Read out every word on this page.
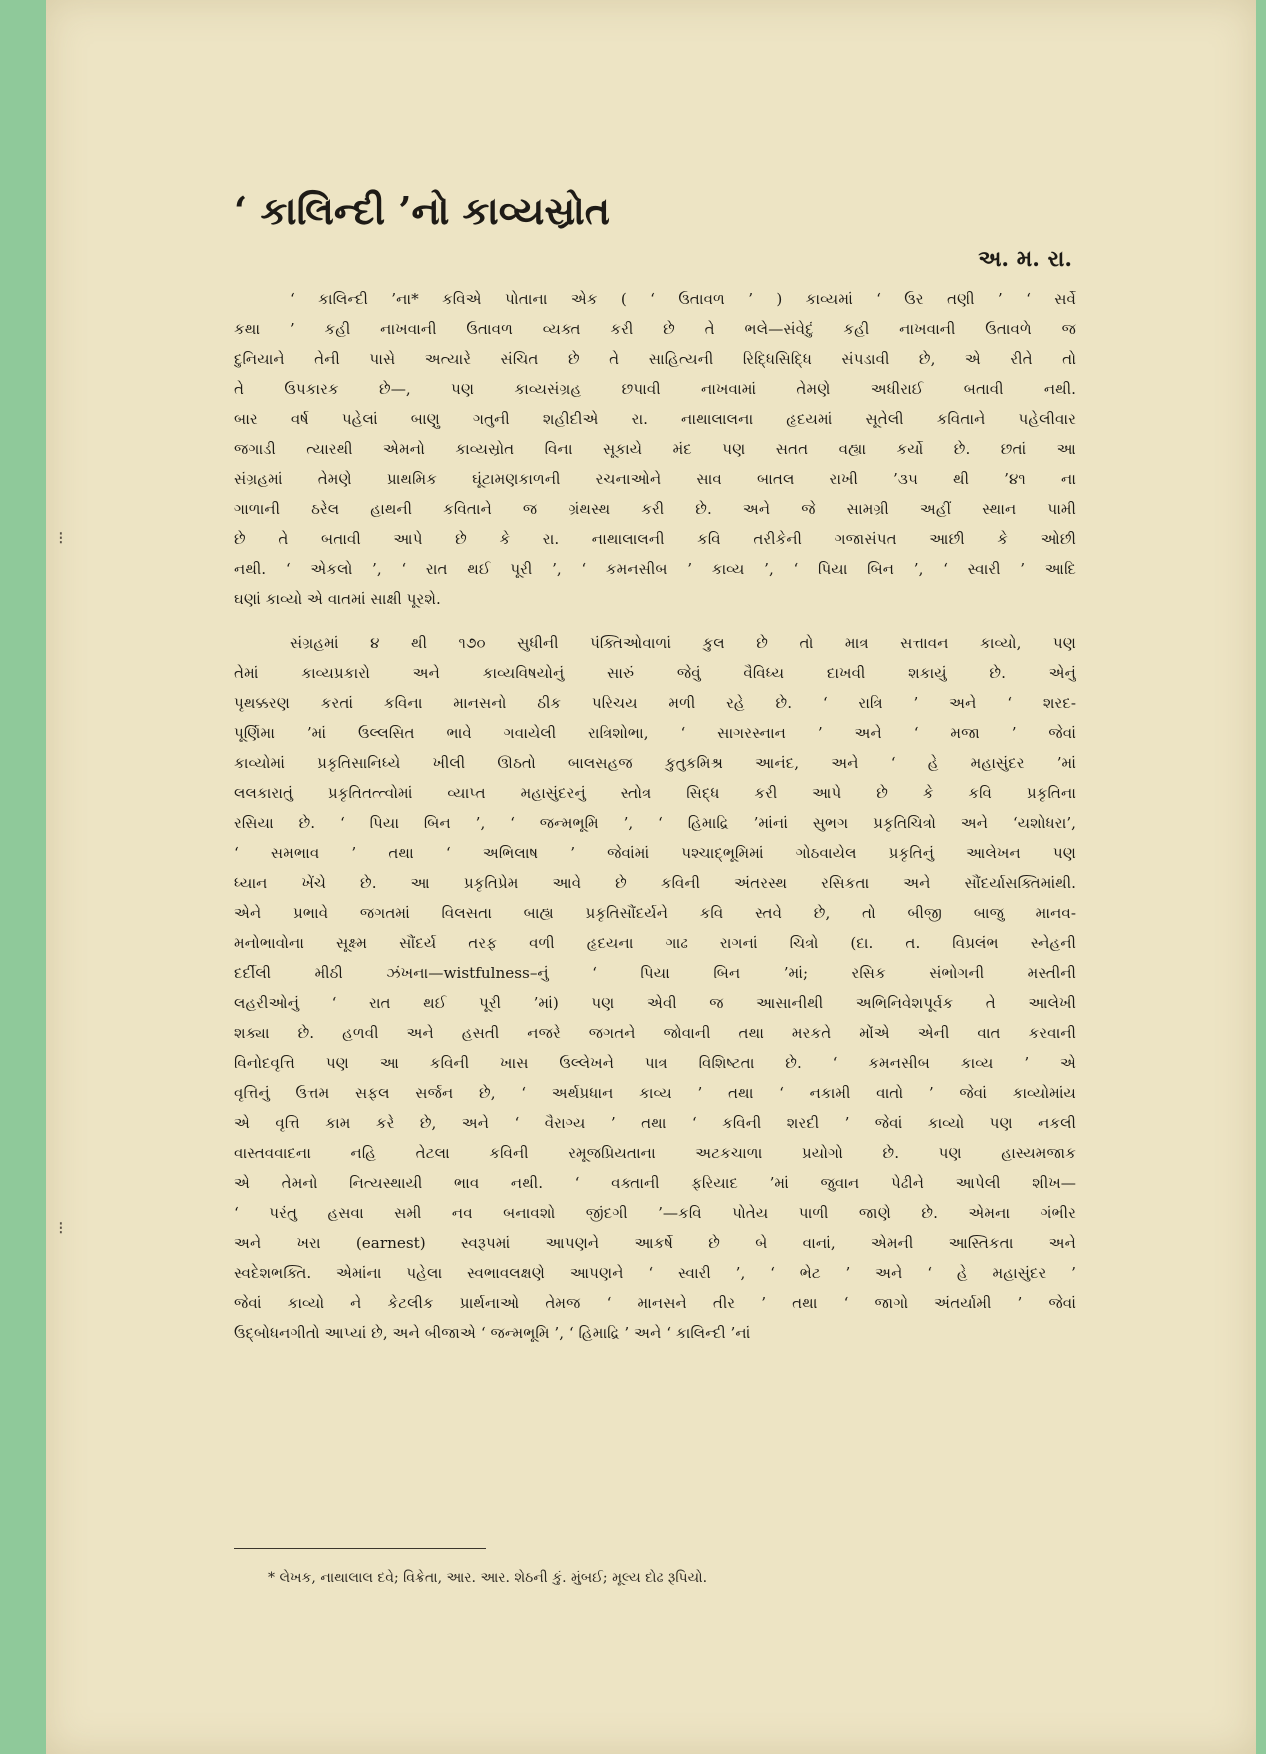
‘ કાલિન્દી ’નો કાવ્યસ્રોત
અ. મ. રા.
‘ કાલિન્દી ’ના* કવિએ પોતાના એક ( ‘ ઉતાવળ ’ ) કાવ્યમાં ‘ ઉર તણી ’ ‘ સર્વે
કથા ’ કહી નાખવાની ઉતાવળ વ્યક્ત કરી છે તે ભલે—સંવેદું કહી નાખવાની ઉતાવળે જ
દુનિયાને તેની પાસે અત્યારે સંચિત છે તે સાહિત્યની રિદ્ધિસિદ્ધિ સંપડાવી છે, એ રીતે તો
તે ઉપકારક છે—, પણ કાવ્યસંગ્રહ છપાવી નાખવામાં તેમણે અધીરાઈ બતાવી નથી.
બાર વર્ષ પહેલાં બાણુ ગતુની શહીદીએ રા. નાથાલાલના હૃદયમાં સૂતેલી કવિતાને પહેલીવાર
જગાડી ત્યારથી એમનો કાવ્યસ્રોત વિના સૂકાયે મંદ પણ સતત વહ્યા કર્યો છે. છતાં આ
સંગ્રહમાં તેમણે પ્રાથમિક ઘૂંટામણકાળની રચનાઓને સાવ બાતલ રાખી ’૩૫ થી ’૪૧ ના
ગાળાની ઠરેલ હાથની કવિતાને જ ગ્રંથસ્થ કરી છે. અને જે સામગ્રી અહીં સ્થાન પામી
છે તે બતાવી આપે છે કે રા. નાથાલાલની કવિ તરીકેની ગજાસંપત આછી કે ઓછી
નથી. ‘ એકલો ’, ‘ રાત થઈ પૂરી ’, ‘ કમનસીબ ’ કાવ્ય ’, ‘ પિયા બિન ’, ‘ સ્વારી ’ આદિ
ઘણાં કાવ્યો એ વાતમાં સાક્ષી પૂરશે.
સંગ્રહમાં ૪ થી ૧૭૦ સુધીની પંક્તિઓવાળાં કુલ છે તો માત્ર સત્તાવન કાવ્યો, પણ
તેમાં કાવ્યપ્રકારો અને કાવ્યવિષયોનું સારું જેવું વૈવિધ્ય દાખવી શકાયું છે. એનું
પૃથક્કરણ કરતાં કવિના માનસનો ઠીક પરિચય મળી રહે છે. ‘ રાત્રિ ’ અને ‘ શરદ-
પૂર્ણિમા ’માં ઉલ્લસિત ભાવે ગવાયેલી રાત્રિશોભા, ‘ સાગરસ્નાન ’ અને ‘ મજા ’ જેવાં
કાવ્યોમાં પ્રકૃતિસાનિધ્યે ખીલી ઊઠતો બાલસહજ કુતુકમિશ્ર આનંદ, અને ‘ હે મહાસુંદર ’માં
લલકારાતું પ્રકૃતિતત્ત્વોમાં વ્યાપ્ત મહાસુંદરનું સ્તોત્ર સિદ્ધ કરી આપે છે કે કવિ પ્રકૃતિના
રસિયા છે. ‘ પિયા બિન ’, ‘ જન્મભૂમિ ’, ‘ હિમાદ્રિ ’માંનાં સુભગ પ્રકૃતિચિત્રો અને ‘યશોધરા’,
‘ સમભાવ ’ તથા ‘ અભિલાષ ’ જેવાંમાં પશ્ચાદ્ભૂમિમાં ગોઠવાયેલ પ્રકૃતિનું આલેખન પણ
ધ્યાન ખેંચે છે. આ પ્રકૃતિપ્રેમ આવે છે કવિની અંતરસ્થ રસિકતા અને સૌંદર્યાસક્તિમાંથી.
એને પ્રભાવે જગતમાં વિલસતા બાહ્ય પ્રકૃતિસૌંદર્યને કવિ સ્તવે છે, તો બીજી બાજુ માનવ-
મનોભાવોના સૂક્ષ્મ સૌંદર્ય તરફ વળી હૃદયના ગાઢ રાગનાં ચિત્રો (દા. ત. વિપ્રલંભ સ્નેહની
દર્દીલી મીઠી ઝંખના—wistfulness–નું ‘ પિયા બિન ’માં; રસિક સંભોગની મસ્તીની
લહરીઓનું ‘ રાત થઈ પૂરી ’માં) પણ એવી જ આસાનીથી અભિનિવેશપૂર્વક તે આલેખી
શક્યા છે. હળવી અને હસતી નજરે જગતને જોવાની તથા મરકતે મોંએ એની વાત કરવાની
વિનોદવૃત્તિ પણ આ કવિની ખાસ ઉલ્લેખને પાત્ર વિશિષ્ટતા છે. ‘ કમનસીબ કાવ્ય ’ એ
વૃત્તિનું ઉત્તમ સફલ સર્જન છે, ‘ અર્થપ્રધાન કાવ્ય ’ તથા ‘ નકામી વાતો ’ જેવાં કાવ્યોમાંય
એ વૃત્તિ કામ કરે છે, અને ‘ વૈરાગ્ય ’ તથા ‘ કવિની શરદી ’ જેવાં કાવ્યો પણ નકલી
વાસ્તવવાદના નહિ તેટલા કવિની રમૂજપ્રિયતાના અટકચાળા પ્રયોગો છે. પણ હાસ્યમજાક
એ તેમનો નિત્યસ્થાયી ભાવ નથી. ‘ વક્તાની ફરિયાદ ’માં જુવાન પેઢીને આપેલી શીખ—
‘ પરંતુ હસવા સમી નવ બનાવશો જીંદગી ’—કવિ પોતેય પાળી જાણે છે. એમના ગંભીર
અને ખરા (earnest) સ્વરૂપમાં આપણને આકર્ષે છે બે વાનાં, એમની આસ્તિકતા અને
સ્વદેશભક્તિ. એમાંના પહેલા સ્વભાવલક્ષણે આપણને ‘ સ્વારી ’, ‘ ભેટ ’ અને ‘ હે મહાસુંદર ’
જેવાં કાવ્યો ને કેટલીક પ્રાર્થનાઓ તેમજ ‘ માનસને તીર ’ તથા ‘ જાગો અંતર્યામી ’ જેવાં
ઉદ્બોધનગીતો આપ્યાં છે, અને બીજાએ ‘ જન્મભૂમિ ’, ‘ હિમાદ્રિ ’ અને ‘ કાલિન્દી ’નાં
* લેખક, નાથાલાલ દવે; વિક્રેતા, આર. આર. શેઠની કું. મુંબઈ; મૂલ્ય દોઢ રૂપિયો.
⁝
⁝
